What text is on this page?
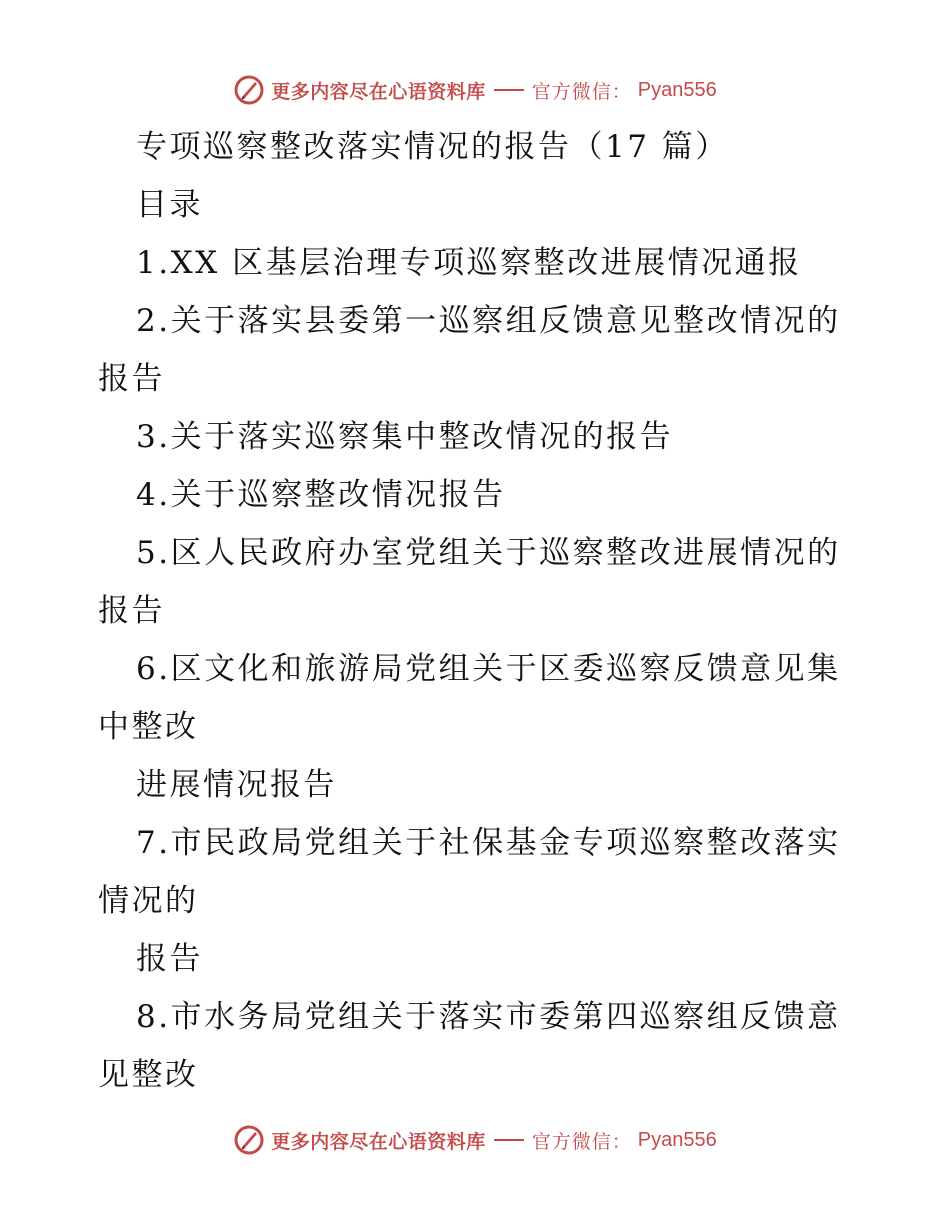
更多内容尽在心语资料库 官方微信： Pyan556
专项巡察整改落实情况的报告（17 篇）
目录
1.XX 区基层治理专项巡察整改进展情况通报
2.关于落实县委第一巡察组反馈意见整改情况的
报告
3.关于落实巡察集中整改情况的报告
4.关于巡察整改情况报告
5.区人民政府办室党组关于巡察整改进展情况的
报告
6.区文化和旅游局党组关于区委巡察反馈意见集
中整改
进展情况报告
7.市民政局党组关于社保基金专项巡察整改落实
情况的
报告
8.市水务局党组关于落实市委第四巡察组反馈意
见整改
更多内容尽在心语资料库 官方微信： Pyan556
